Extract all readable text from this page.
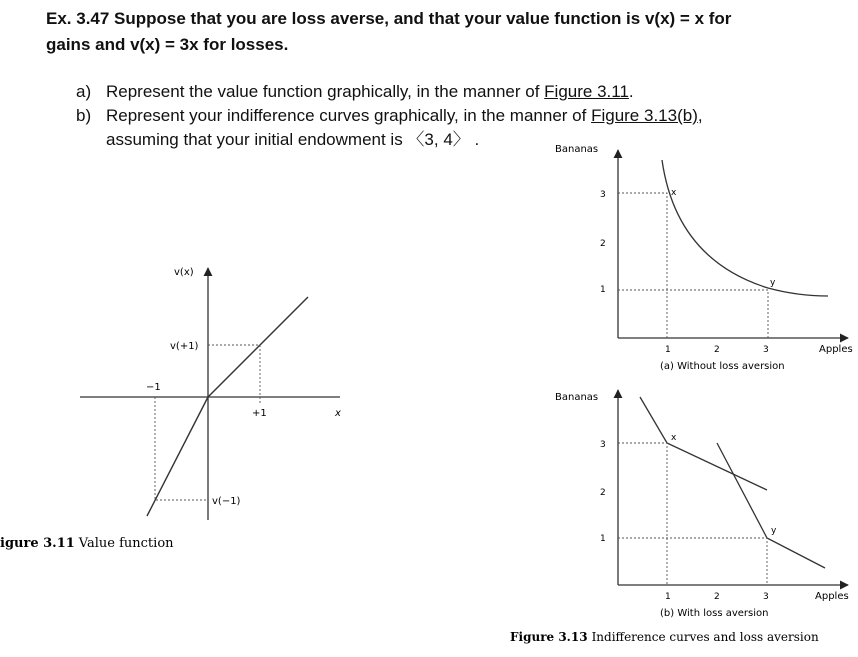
Ex. 3.47 Suppose that you are loss averse, and that your value function is v(x) = x for
gains and v(x) = 3x for losses.
a) Represent the value function graphically, in the manner of Figure 3.11.
b) Represent your indifference curves graphically, in the manner of Figure 3.13(b),
assuming that your initial endowment is 〈3, 4〉 .
v(x)
x
v(+1)
v(−1)
−1
+1
igure 3.11 Value function
Bananas
Apples
3
2
1
1	2	3
x
y
(a) Without loss aversion
Bananas
Apples
3
2
1
1	2	3
x
y
(b) With loss aversion
Figure 3.13 Indifference curves and loss aversion
